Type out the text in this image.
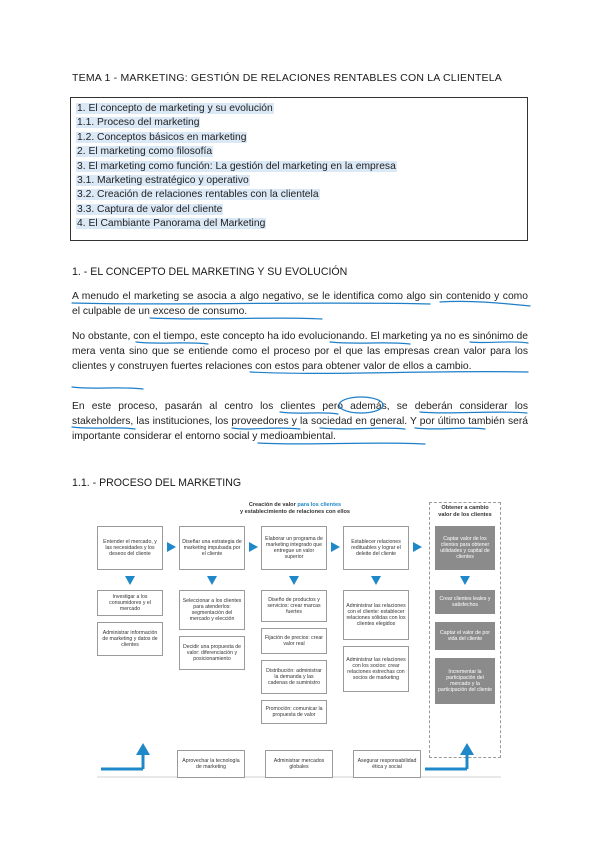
TEMA 1 - MARKETING: GESTIÓN DE RELACIONES RENTABLES CON LA CLIENTELA
1. El concepto de marketing y su evolución
1.1. Proceso del marketing
1.2. Conceptos básicos en marketing
2. El marketing como filosofía
3. El marketing como función: La gestión del marketing en la empresa
3.1. Marketing estratégico y operativo
3.2. Creación de relaciones rentables con la clientela
3.3. Captura de valor del cliente
4. El Cambiante Panorama del Marketing
1. - EL CONCEPTO DEL MARKETING Y SU EVOLUCIÓN
A menudo el marketing se asocia a algo negativo, se le identifica como algo sin contenido y como el culpable de un exceso de consumo.
No obstante, con el tiempo, este concepto ha ido evolucionando. El marketing ya no es sinónimo de mera venta sino que se entiende como el proceso por el que las empresas crean valor para los clientes y construyen fuertes relaciones con estos para obtener valor de ellos a cambio.
En este proceso, pasarán al centro los clientes pero además, se deberán considerar los stakeholders, las instituciones, los proveedores y la sociedad en general. Y por último también será importante considerar el entorno social y medioambiental.
1.1. - PROCESO DEL MARKETING
Creación de valor para los clientes
y establecimiento de relaciones con ellos
Obtener a cambio
valor de los clientes
Entender el mercado, y las necesidades y los deseos del cliente
Diseñar una estrategia de marketing impulsada por el cliente
Elaborar un programa de marketing integrado que entregue un valor superior
Establecer relaciones redituables y lograr el deleite del cliente
Captar valor de los clientes para obtener utilidades y capital de clientes
Investigar a los consumidores y el mercado
Administrar información de marketing y datos de clientes
Seleccionar a los clientes para atenderlos: segmentación del mercado y elección
Decidir una propuesta de valor: diferenciación y posicionamiento
Diseño de productos y servicios: crear marcas fuertes
Fijación de precios: crear valor real
Distribución: administrar la demanda y las cadenas de suministro
Promoción: comunicar la propuesta de valor
Administrar las relaciones con el cliente: establecer relaciones sólidas con los clientes elegidos
Administrar las relaciones con los socios: crear relaciones estrechas con socios de marketing
Crear clientes leales y satisfechos
Captar el valor de por vida del cliente
Incrementar la participación del mercado y la participación del cliente
Aprovechar la tecnología de marketing
Administrar mercados globales
Asegurar responsabilidad ética y social
